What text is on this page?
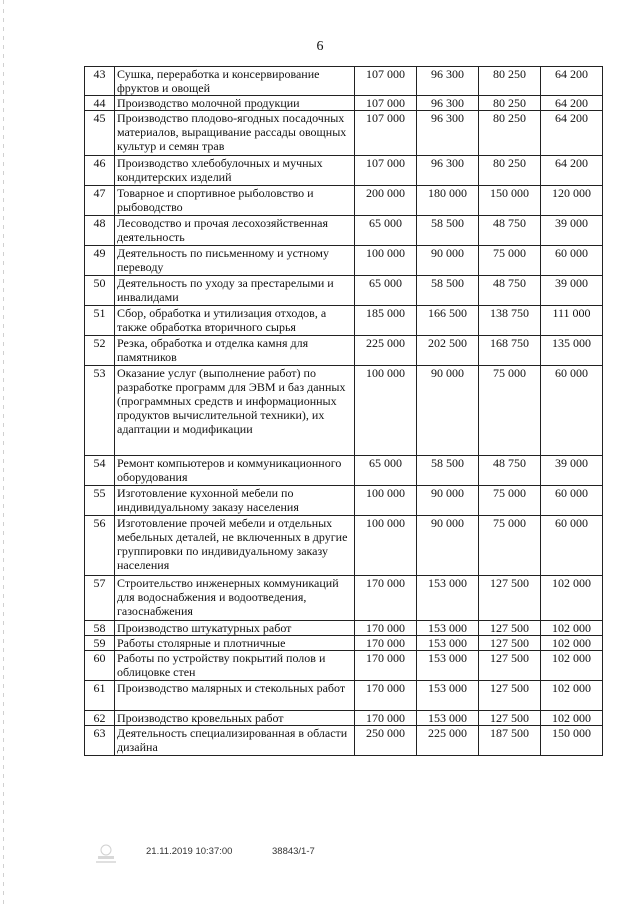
6
43	Сушка, переработка и консервирование фруктов и овощей	107 000	96 300	80 250	64 200
44	Производство молочной продукции	107 000	96 300	80 250	64 200
45	Производство плодово-ягодных посадочных материалов, выращивание рассады овощных культур и семян трав	107 000	96 300	80 250	64 200
46	Производство хлебобулочных и мучных кондитерских изделий	107 000	96 300	80 250	64 200
47	Товарное и спортивное рыболовство и рыбоводство	200 000	180 000	150 000	120 000
48	Лесоводство и прочая лесохозяйственная деятельность	65 000	58 500	48 750	39 000
49	Деятельность по письменному и устному переводу	100 000	90 000	75 000	60 000
50	Деятельность по уходу за престарелыми и инвалидами	65 000	58 500	48 750	39 000
51	Сбор, обработка и утилизация отходов, а также обработка вторичного сырья	185 000	166 500	138 750	111 000
52	Резка, обработка и отделка камня для памятников	225 000	202 500	168 750	135 000
53	Оказание услуг (выполнение работ) по разработке программ для ЭВМ и баз данных (программных средств и информационных продуктов вычислительной техники), их адаптации и модификации	100 000	90 000	75 000	60 000
54	Ремонт компьютеров и коммуникационного оборудования	65 000	58 500	48 750	39 000
55	Изготовление кухонной мебели по индивидуальному заказу населения	100 000	90 000	75 000	60 000
56	Изготовление прочей мебели и отдельных мебельных деталей, не включенных в другие группировки по индивидуальному заказу населения	100 000	90 000	75 000	60 000
57	Строительство инженерных коммуникаций для водоснабжения и водоотведения, газоснабжения	170 000	153 000	127 500	102 000
58	Производство штукатурных работ	170 000	153 000	127 500	102 000
59	Работы столярные и плотничные	170 000	153 000	127 500	102 000
60	Работы по устройству покрытий полов и облицовке стен	170 000	153 000	127 500	102 000
61	Производство малярных и стекольных работ	170 000	153 000	127 500	102 000
62	Производство кровельных работ	170 000	153 000	127 500	102 000
63	Деятельность специализированная в области дизайна	250 000	225 000	187 500	150 000
21.11.2019 10:37:00	38843/1-7
